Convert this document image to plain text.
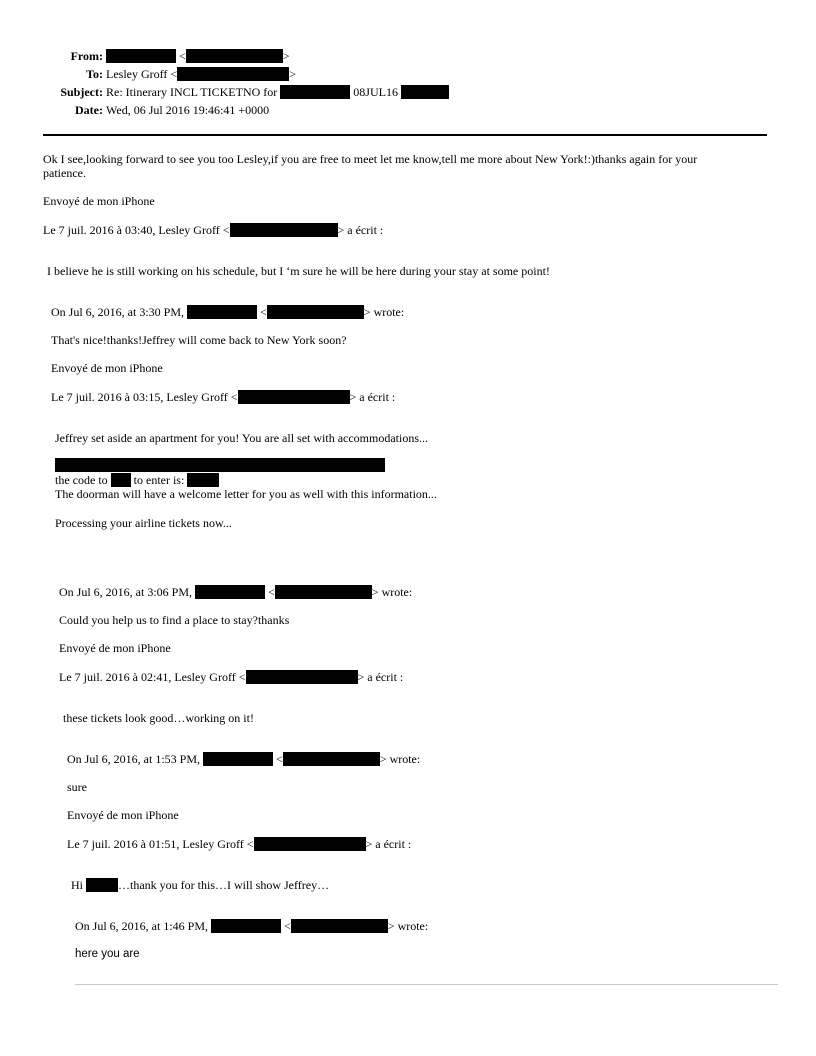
From:	<	>
To: Lesley Groff <	>
Subject: Re: Itinerary INCL TICKETNO for	08JUL16
Date: Wed, 06 Jul 2016 19:46:41 +0000
Ok I see,looking forward to see you too Lesley,if you are free to meet let me know,tell me more about New York!:)thanks again for your patience.
Envoyé de mon iPhone
Le 7 juil. 2016 à 03:40, Lesley Groff <	> a écrit :
I believe he is still working on his schedule, but I ‘m sure he will be here during your stay at some point!
On Jul 6, 2016, at 3:30 PM,	<	> wrote:
That's nice!thanks!Jeffrey will come back to New York soon?
Envoyé de mon iPhone
Le 7 juil. 2016 à 03:15, Lesley Groff <	> a écrit :
Jeffrey set aside an apartment for you! You are all set with accommodations...
the code to to enter is:
The doorman will have a welcome letter for you as well with this information...
Processing your airline tickets now...
On Jul 6, 2016, at 3:06 PM,	<	> wrote:
Could you help us to find a place to stay?thanks
Envoyé de mon iPhone
Le 7 juil. 2016 à 02:41, Lesley Groff <	> a écrit :
these tickets look good…working on it!
On Jul 6, 2016, at 1:53 PM,	<	> wrote:
sure
Envoyé de mon iPhone
Le 7 juil. 2016 à 01:51, Lesley Groff <	> a écrit :
Hi	…thank you for this…I will show Jeffrey…
On Jul 6, 2016, at 1:46 PM,	<	> wrote:
here you are
